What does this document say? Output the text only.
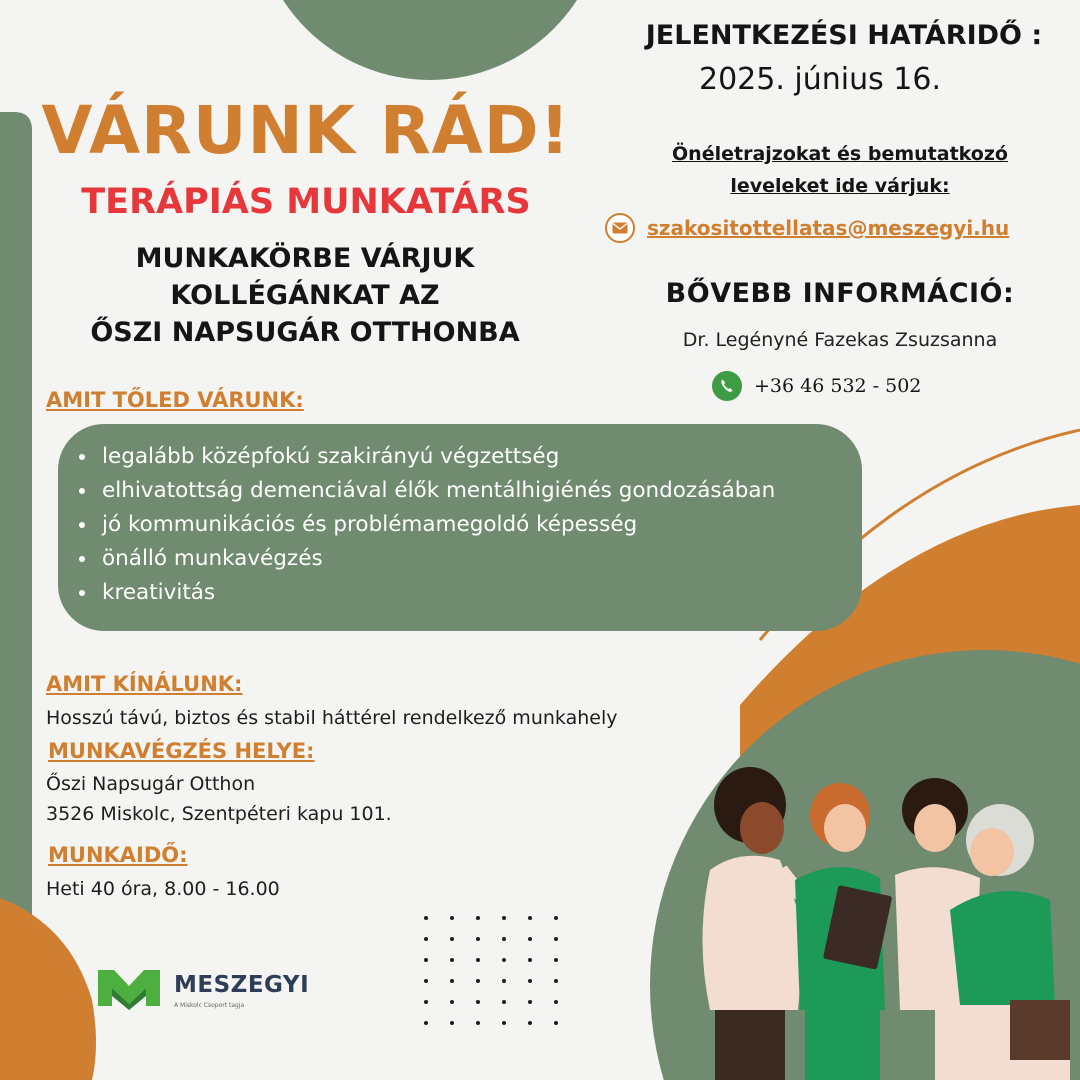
VÁRUNK RÁD!
TERÁPIÁS MUNKATÁRS
MUNKAKÖRBE VÁRJUK
KOLLÉGÁNKAT AZ
ŐSZI NAPSUGÁR OTTHONBA
JELENTKEZÉSI HATÁRIDŐ :
2025. június 16.
Önéletrajzokat és bemutatkozó
leveleket ide várjuk:
szakositottellatas@meszegyi.hu
BŐVEBB INFORMÁCIÓ:
Dr. Legényné Fazekas Zsuzsanna
+36 46 532 - 502
AMIT TŐLED VÁRUNK:
• legalább középfokú szakirányú végzettség
• elhivatottság demenciával élők mentálhigiénés gondozásában
• jó kommunikációs és problémamegoldó képesség
• önálló munkavégzés
• kreativitás
AMIT KÍNÁLUNK:
Hosszú távú, biztos és stabil háttérel rendelkező munkahely
MUNKAVÉGZÉS HELYE:
Őszi Napsugár Otthon
3526 Miskolc, Szentpéteri kapu 101.
MUNKAIDŐ:
Heti 40 óra, 8.00 - 16.00
MESZEGYI
A Miskolc Csoport tagja
